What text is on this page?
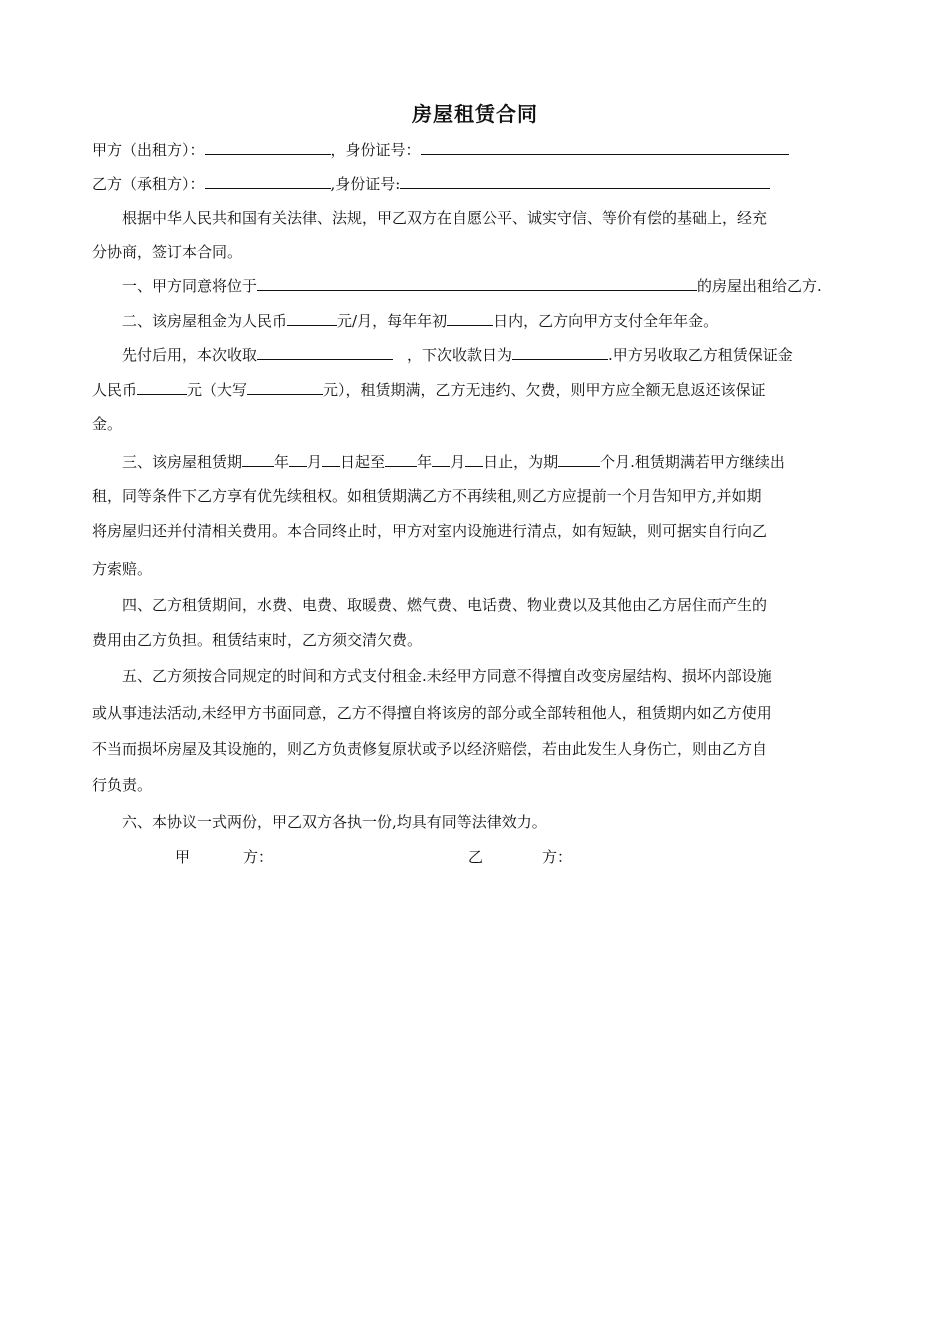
房屋租赁合同
甲方（出租方）：	，身份证号：
乙方（承租方）：	,身份证号:
根据中华人民共和国有关法律、法规，甲乙双方在自愿公平、诚实守信、等价有偿的基础上，经充
分协商，签订本合同。
一、甲方同意将位于	的房屋出租给乙方.
二、该房屋租金为人民币	元/月，每年年初	日内，乙方向甲方支付全年年金。
先付后用，本次收取	，下次收款日为	.甲方另收取乙方租赁保证金
人民币	元（大写	元），租赁期满，乙方无违约、欠费，则甲方应全额无息返还该保证
金。
三、该房屋租赁期 年 月 日起至 年 月 日止，为期	个月.租赁期满若甲方继续出
租，同等条件下乙方享有优先续租权。如租赁期满乙方不再续租,则乙方应提前一个月告知甲方,并如期
将房屋归还并付清相关费用。本合同终止时，甲方对室内设施进行清点，如有短缺，则可据实自行向乙
方索赔。
四、乙方租赁期间，水费、电费、取暖费、燃气费、电话费、物业费以及其他由乙方居住而产生的
费用由乙方负担。租赁结束时，乙方须交清欠费。
五、乙方须按合同规定的时间和方式支付租金.未经甲方同意不得擅自改变房屋结构、损坏内部设施
或从事违法活动,未经甲方书面同意，乙方不得擅自将该房的部分或全部转租他人，租赁期内如乙方使用
不当而损坏房屋及其设施的，则乙方负责修复原状或予以经济赔偿，若由此发生人身伤亡，则由乙方自
行负责。
六、本协议一式两份，甲乙双方各执一份,均具有同等法律效力。
甲	方：	乙	方：
